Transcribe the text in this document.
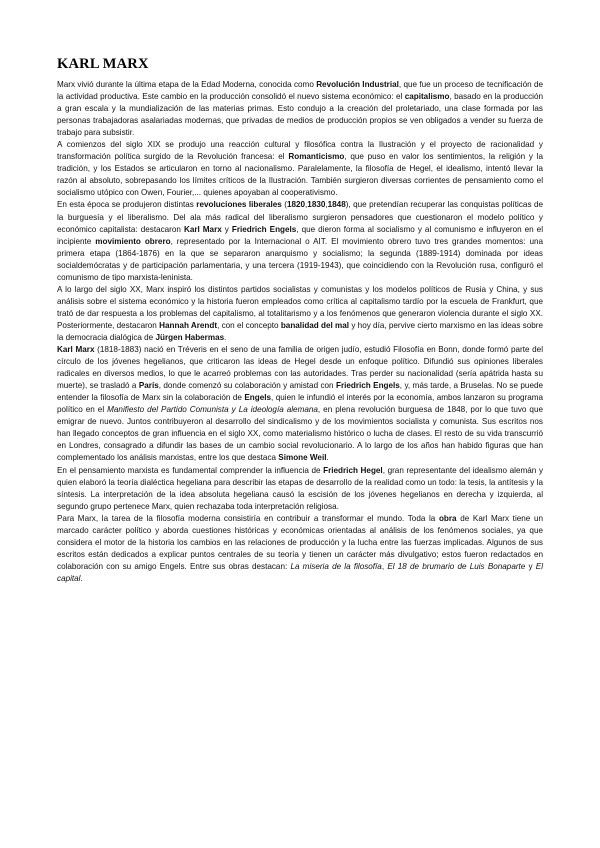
KARL MARX

Marx vivió durante la última etapa de la Edad Moderna, conocida como Revolución Industrial, que fue un proceso de tecnificación de la actividad productiva. Este cambio en la producción consolidó el nuevo sistema económico: el capitalismo, basado en la producción a gran escala y la mundialización de las materias primas. Esto condujo a la creación del proletariado, una clase formada por las personas trabajadoras asalariadas modernas, que privadas de medios de producción propios se ven obligados a vender su fuerza de trabajo para subsistir.

A comienzos del siglo XIX se produjo una reacción cultural y filosófica contra la Ilustración y el proyecto de racionalidad y transformación política surgido de la Revolución francesa: el Romanticismo, que puso en valor los sentimientos, la religión y la tradición, y los Estados se articularon en torno al nacionalismo. Paralelamente, la filosofía de Hegel, el idealismo, intentó llevar la razón al absoluto, sobrepasando los límites críticos de la Ilustración. También surgieron diversas corrientes de pensamiento como el socialismo utópico con Owen, Fourier,... quienes apoyaban al cooperativismo.

En esta época se produjeron distintas revoluciones liberales (1820,1830,1848), que pretendían recuperar las conquistas políticas de la burguesía y el liberalismo. Del ala más radical del liberalismo surgieron pensadores que cuestionaron el modelo político y económico capitalista: destacaron Karl Marx y Friedrich Engels, que dieron forma al socialismo y al comunismo e influyeron en el incipiente movimiento obrero, representado por la Internacional o AIT. El movimiento obrero tuvo tres grandes momentos: una primera etapa (1864-1876) en la que se separaron anarquismo y socialismo; la segunda (1889-1914) dominada por ideas socialdemócratas y de participación parlamentaria, y una tercera (1919-1943), que coincidiendo con la Revolución rusa, configuró el comunismo de tipo marxista-leninista.

A lo largo del siglo XX, Marx inspiró los distintos partidos socialistas y comunistas y los modelos políticos de Rusia y China, y sus análisis sobre el sistema económico y la historia fueron empleados como crítica al capitalismo tardío por la escuela de Frankfurt, que trató de dar respuesta a los problemas del capitalismo, al totalitarismo y a los fenómenos que generaron violencia durante el siglo XX. Posteriormente, destacaron Hannah Arendt, con el concepto banalidad del mal y hoy día, pervive cierto marxismo en las ideas sobre la democracia dialógica de Jürgen Habermas.

Karl Marx (1818-1883) nació en Tréveris en el seno de una familia de origen judío, estudió Filosofía en Bonn, donde formó parte del círculo de los jóvenes hegelianos, que criticaron las ideas de Hegel desde un enfoque político. Difundió sus opiniones liberales radicales en diversos medios, lo que le acarreó problemas con las autoridades. Tras perder su nacionalidad (sería apátrida hasta su muerte), se trasladó a París, donde comenzó su colaboración y amistad con Friedrich Engels, y, más tarde, a Bruselas. No se puede entender la filosofía de Marx sin la colaboración de Engels, quien le infundió el interés por la economía, ambos lanzaron su programa político en el Manifiesto del Partido Comunista y La ideología alemana, en plena revolución burguesa de 1848, por lo que tuvo que emigrar de nuevo. Juntos contribuyeron al desarrollo del sindicalismo y de los movimientos socialista y comunista. Sus escritos nos han llegado conceptos de gran influencia en el siglo XX, como materialismo histórico o lucha de clases. El resto de su vida transcurrió en Londres, consagrado a difundir las bases de un cambio social revolucionario. A lo largo de los años han habido figuras que han complementado los análisis marxistas, entre los que destaca Simone Weil.

En el pensamiento marxista es fundamental comprender la influencia de Friedrich Hegel, gran representante del idealismo alemán y quien elaboró la teoría dialéctica hegeliana para describir las etapas de desarrollo de la realidad como un todo: la tesis, la antítesis y la síntesis. La interpretación de la idea absoluta hegeliana causó la escisión de los jóvenes hegelianos en derecha y izquierda, al segundo grupo pertenece Marx, quien rechazaba toda interpretación religiosa.

Para Marx, la tarea de la filosofía moderna consistiría en contribuir a transformar el mundo. Toda la obra de Karl Marx tiene un marcado carácter político y aborda cuestiones históricas y económicas orientadas al análisis de los fenómenos sociales, ya que considera el motor de la historia los cambios en las relaciones de producción y la lucha entre las fuerzas implicadas. Algunos de sus escritos están dedicados a explicar puntos centrales de su teoría y tienen un carácter más divulgativo; estos fueron redactados en colaboración con su amigo Engels. Entre sus obras destacan: La miseria de la filosofía, El 18 de brumario de Luis Bonaparte y El capital.
